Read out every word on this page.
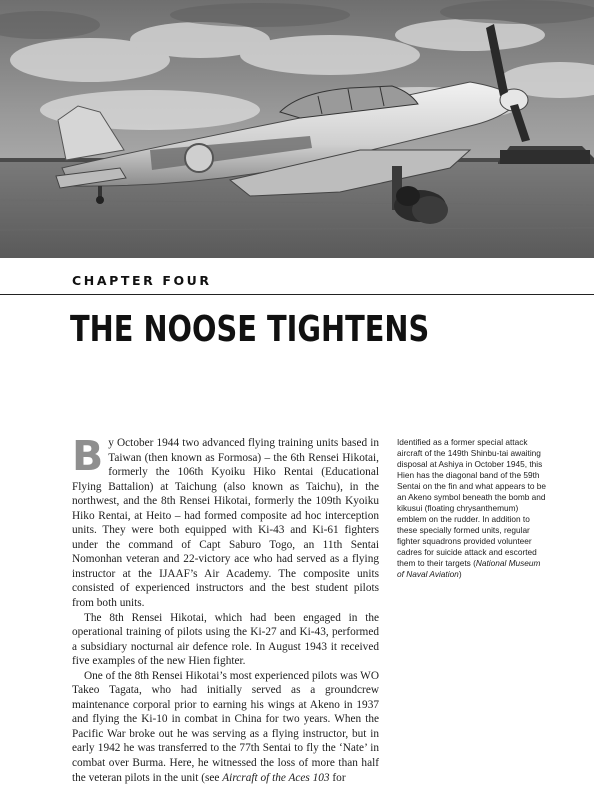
CHAPTER FOUR
THE NOOSE TIGHTENS

By October 1944 two advanced flying training units based in Taiwan (then known as Formosa) – the 6th Rensei Hikotai, formerly the 106th Kyoiku Hiko Rentai (Educational Flying Battalion) at Taichung (also known as Taichu), in the northwest, and the 8th Rensei Hikotai, formerly the 109th Kyoiku Hiko Rentai, at Heito – had formed composite ad hoc interception units. They were both equipped with Ki-43 and Ki-61 fighters under the command of Capt Saburo Togo, an 11th Sentai Nomonhan veteran and 22-victory ace who had served as a flying instructor at the IJAAF’s Air Academy. The composite units consisted of experienced instructors and the best student pilots from both units.

The 8th Rensei Hikotai, which had been engaged in the operational training of pilots using the Ki-27 and Ki-43, performed a subsidiary nocturnal air defence role. In August 1943 it received five examples of the new Hien fighter.

One of the 8th Rensei Hikotai’s most experienced pilots was WO Takeo Tagata, who had initially served as a groundcrew maintenance corporal prior to earning his wings at Akeno in 1937 and flying the Ki-10 in combat in China for two years. When the Pacific War broke out he was serving as a flying instructor, but in early 1942 he was transferred to the 77th Sentai to fly the ‘Nate’ in combat over Burma. Here, he witnessed the loss of more than half the veteran pilots in the unit (see Aircraft of the Aces 103 for

Identified as a former special attack aircraft of the 149th Shinbu-tai awaiting disposal at Ashiya in October 1945, this Hien has the diagonal band of the 59th Sentai on the fin and what appears to be an Akeno symbol beneath the bomb and kikusui (floating chrysanthemum) emblem on the rudder. In addition to these specially formed units, regular fighter squadrons provided volunteer cadres for suicide attack and escorted them to their targets (National Museum of Naval Aviation)
